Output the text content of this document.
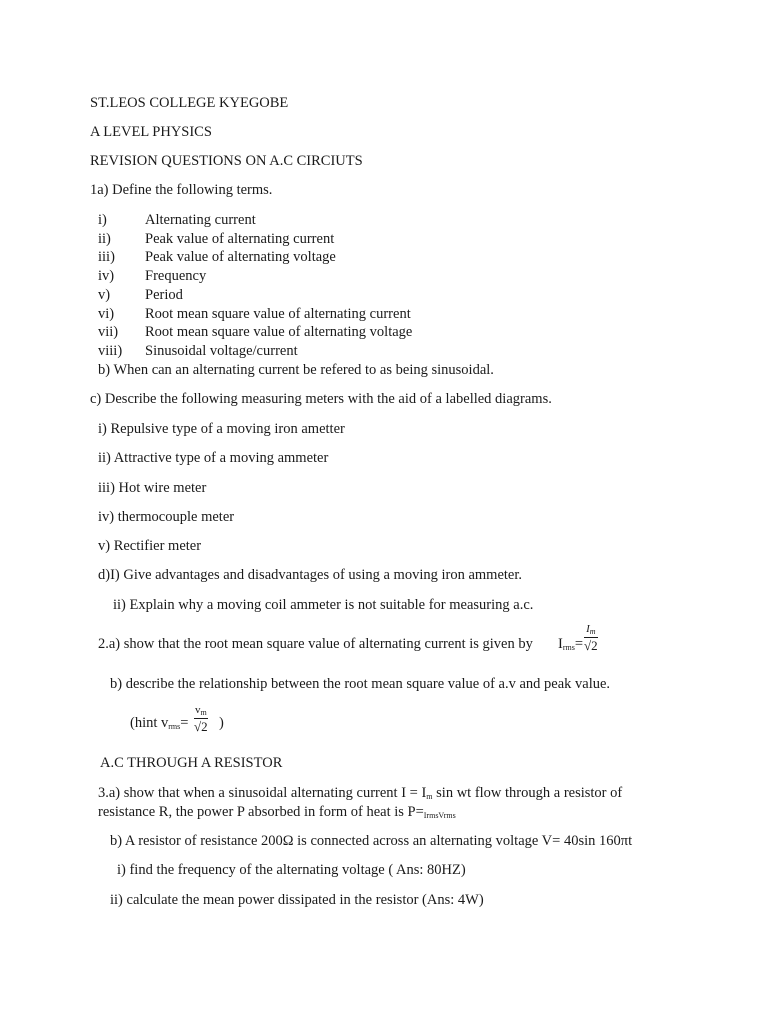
ST.LEOS COLLEGE KYEGOBE
A LEVEL PHYSICS
REVISION QUESTIONS ON A.C CIRCIUTS
1a) Define the following terms.
i)	Alternating current
ii) Peak value of alternating current
iii) Peak value of alternating voltage
iv) Frequency
v) Period
vi) Root mean square value of alternating current
vii) Root mean square value of alternating voltage
viii) Sinusoidal voltage/current
b) When can an alternating current be refered to as being sinusoidal.
c) Describe the following measuring meters with the aid of a labelled diagrams.
i) Repulsive type of a moving iron ametter
ii) Attractive type of a moving ammeter
iii) Hot wire meter
iv) thermocouple meter
v) Rectifier meter
d)I) Give advantages and disadvantages of using a moving iron ammeter.
ii) Explain why a moving coil ammeter is not suitable for measuring a.c.
2.a) show that the root mean square value of alternating current is given by $I_{rms}=$
$I_m$
√2
b) describe the relationship between the root mean square value of a.v and peak value.
(hint $v_{rms}=$
$v_m$
√2 )
A.C THROUGH A RESISTOR
3.a) show that when a sinusoidal alternating current $I = I_m$ sin wt flow through a resistor of
resistance R, the power P absorbed in form of heat is $P=_{IrmsVrms}$
b) A resistor of resistance 200Ω is connected across an alternating voltage V= 40sin 160πt
i) find the frequency of the alternating voltage ( Ans: 80HZ)
ii) calculate the mean power dissipated in the resistor (Ans: 4W)
